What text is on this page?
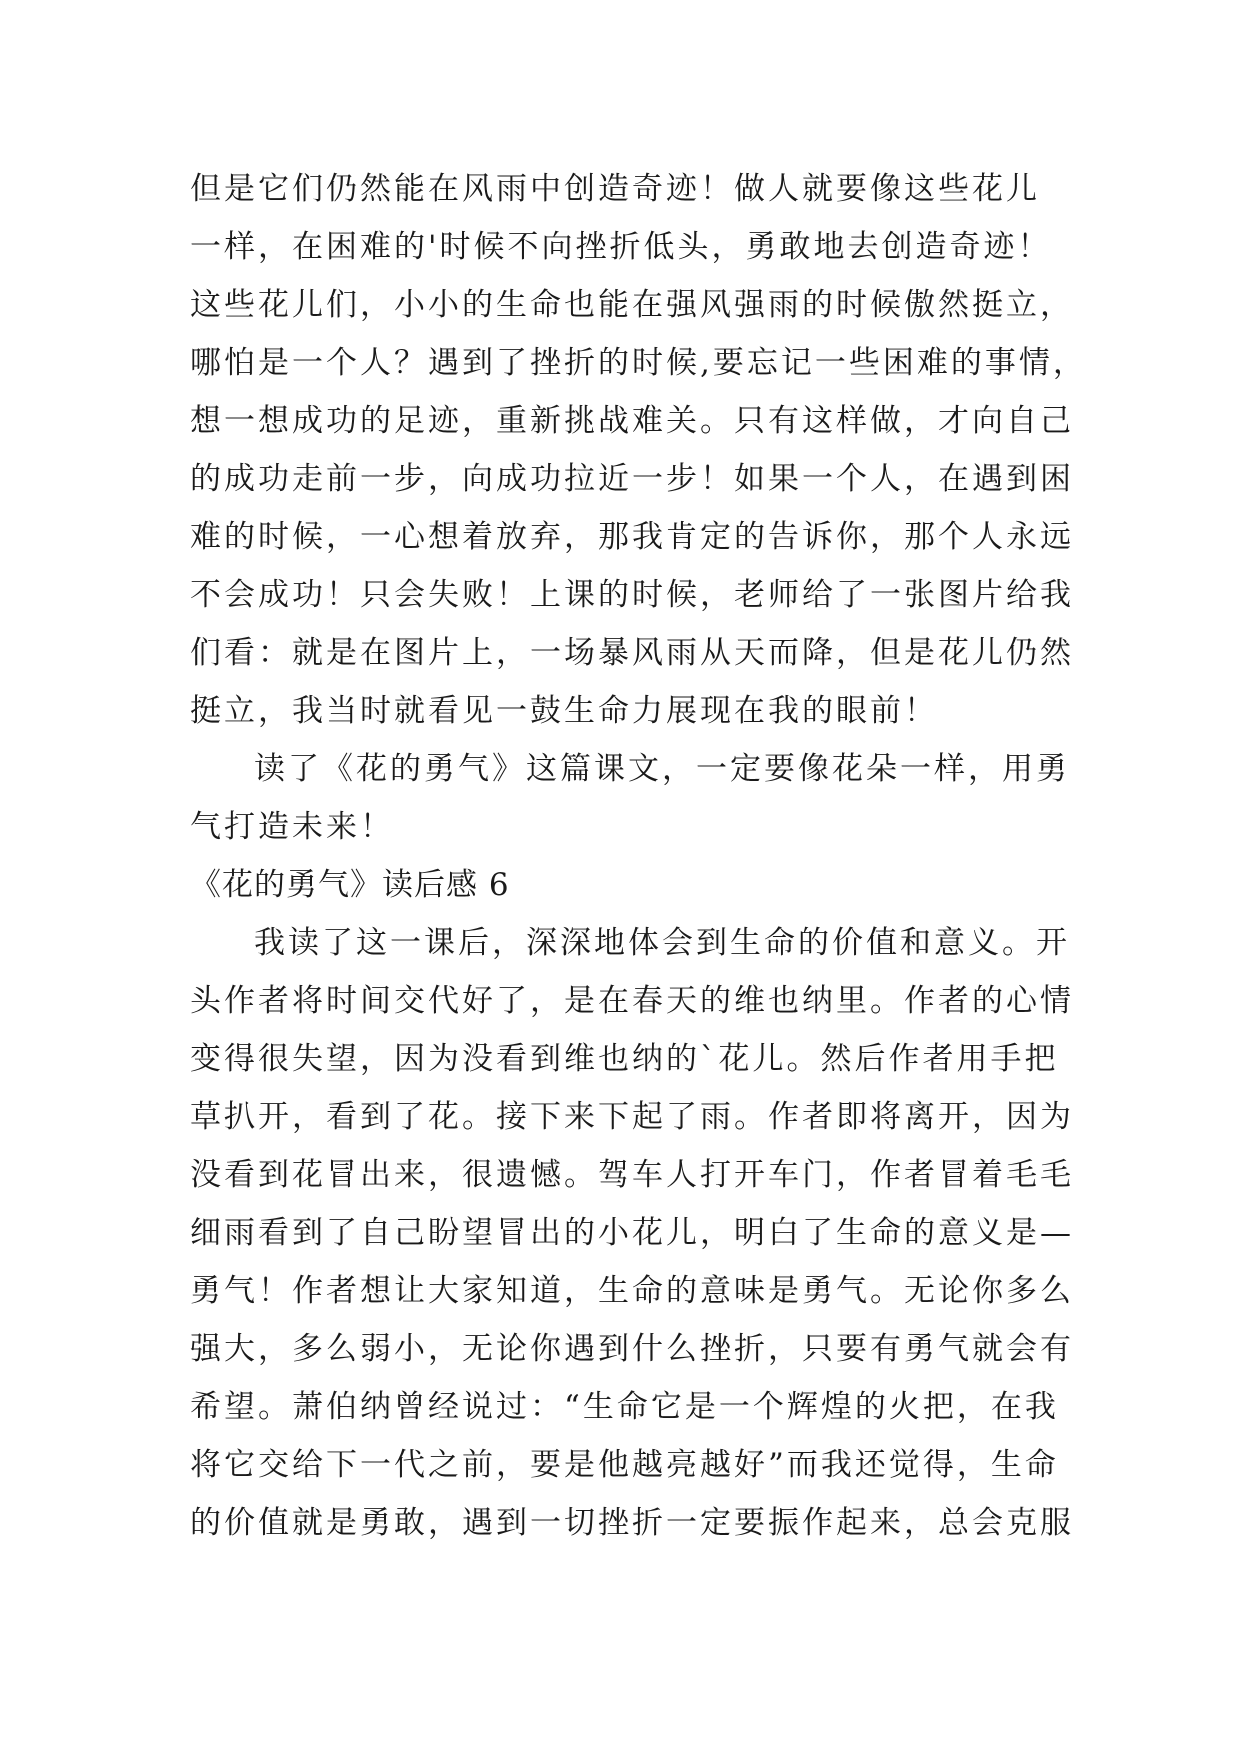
但是它们仍然能在风雨中创造奇迹！做人就要像这些花儿
一样，在困难的'时候不向挫折低头，勇敢地去创造奇迹！
这些花儿们，小小的生命也能在强风强雨的时候傲然挺立，
哪怕是一个人？遇到了挫折的时候,要忘记一些困难的事情，
想一想成功的足迹，重新挑战难关。只有这样做，才向自己
的成功走前一步，向成功拉近一步！如果一个人，在遇到困
难的时候，一心想着放弃，那我肯定的告诉你，那个人永远
不会成功！只会失败！上课的时候，老师给了一张图片给我
们看：就是在图片上，一场暴风雨从天而降，但是花儿仍然
挺立，我当时就看见一鼓生命力展现在我的眼前！
读了《花的勇气》这篇课文，一定要像花朵一样，用勇
气打造未来！
《花的勇气》读后感 6
我读了这一课后，深深地体会到生命的价值和意义。开
头作者将时间交代好了，是在春天的维也纳里。作者的心情
变得很失望，因为没看到维也纳的`花儿。然后作者用手把
草扒开，看到了花。接下来下起了雨。作者即将离开，因为
没看到花冒出来，很遗憾。驾车人打开车门，作者冒着毛毛
细雨看到了自己盼望冒出的小花儿，明白了生命的意义是—
勇气！作者想让大家知道，生命的意味是勇气。无论你多么
强大，多么弱小，无论你遇到什么挫折，只要有勇气就会有
希望。萧伯纳曾经说过：“生命它是一个辉煌的火把，在我
将它交给下一代之前，要是他越亮越好”而我还觉得，生命
的价值就是勇敢，遇到一切挫折一定要振作起来，总会克服
